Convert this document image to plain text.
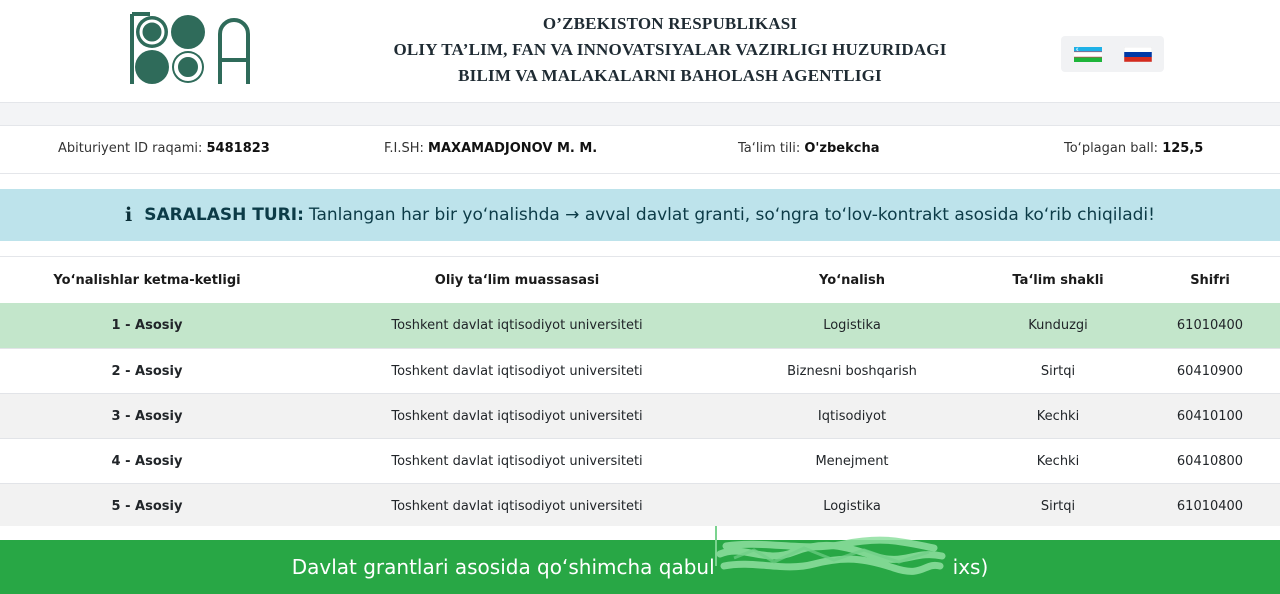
O’ZBEKISTON RESPUBLIKASI
OLIY TA’LIM, FAN VA INNOVATSIYALAR VAZIRLIGI HUZURIDAGI
BILIM VA MALAKALARNI BAHOLASH AGENTLIGI
Abituriyent ID raqami: 5481823	F.I.SH: MAXAMADJONOV M. M.	Ta‘lim tili: O'zbekcha	To‘plagan ball: 125,5
i SARALASH TURI: Tanlangan har bir yo‘nalishda → avval davlat granti, so‘ngra to‘lov-kontrakt asosida ko‘rib chiqiladi!
Yo‘nalishlar ketma-ketligi	Oliy ta‘lim muassasasi	Yo‘nalish	Ta‘lim shakli	Shifri
1 - Asosiy	Toshkent davlat iqtisodiyot universiteti	Logistika	Kunduzgi	61010400
2 - Asosiy	Toshkent davlat iqtisodiyot universiteti	Biznesni boshqarish	Sirtqi	60410900
3 - Asosiy	Toshkent davlat iqtisodiyot universiteti	Iqtisodiyot	Kechki	60410100
4 - Asosiy	Toshkent davlat iqtisodiyot universiteti	Menejment	Kechki	60410800
5 - Asosiy	Toshkent davlat iqtisodiyot universiteti	Logistika	Sirtqi	61010400
Davlat grantlari asosida qo‘shimcha qabul	ixs)
